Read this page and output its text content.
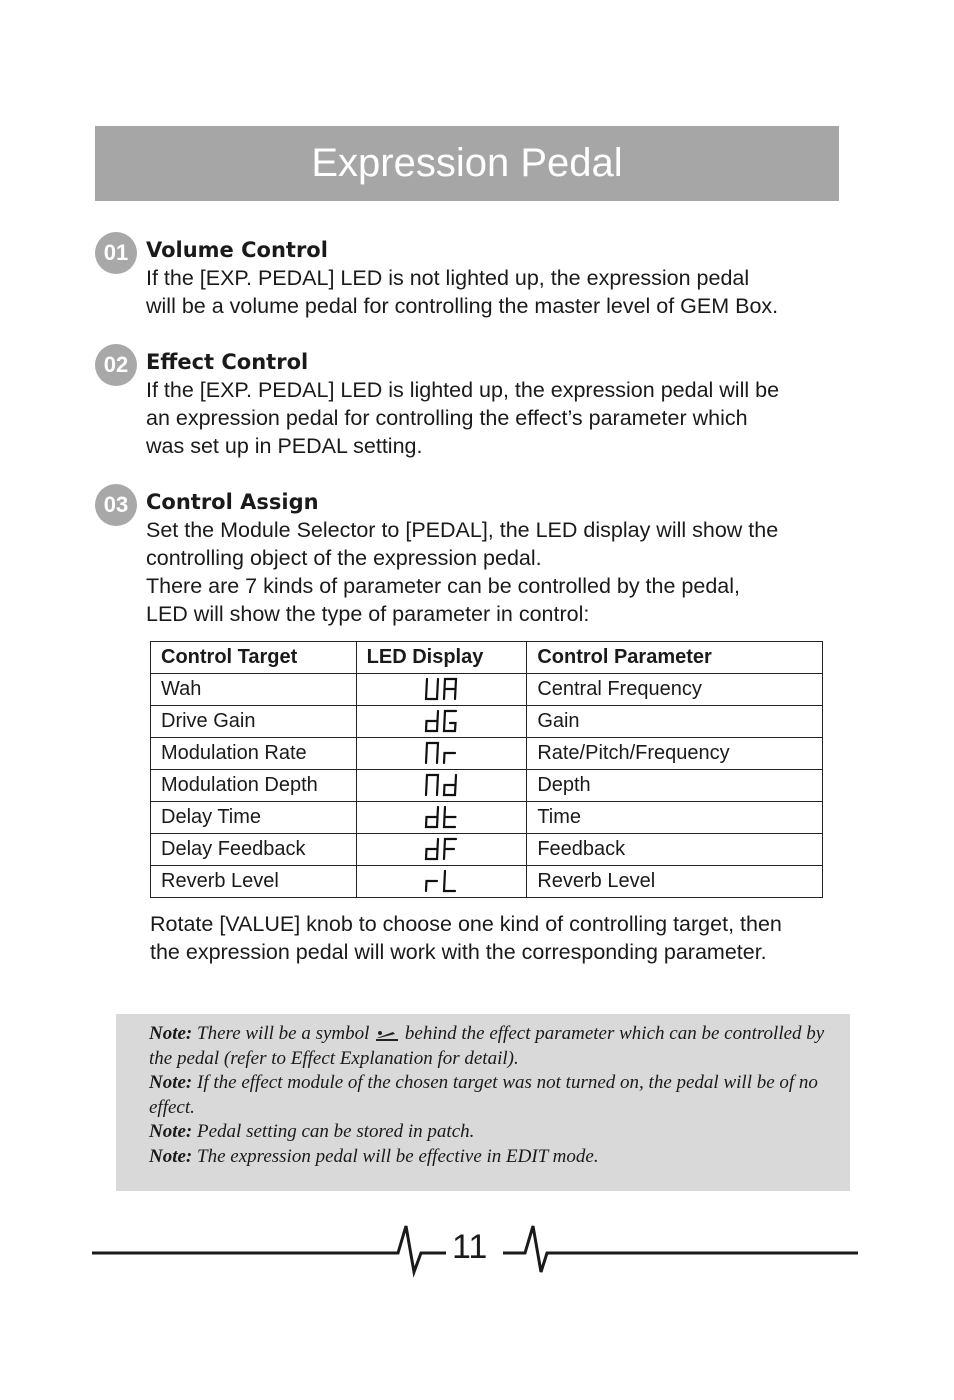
Expression Pedal
01 Volume Control

If the [EXP. PEDAL] LED is not lighted up, the expression pedal

will be a volume pedal for controlling the master level of GEM Box.

02 Effect Control

If the [EXP. PEDAL] LED is lighted up, the expression pedal will be

an expression pedal for controlling the effect’s parameter which

was set up in PEDAL setting.

03 Control Assign

Set the Module Selector to [PEDAL], the LED display will show the

controlling object of the expression pedal.

There are 7 kinds of parameter can be controlled by the pedal,

LED will show the type of parameter in control:

Control Target	LED Display	Control Parameter
Wah		Central Frequency
Drive Gain		Gain
Modulation Rate		Rate/Pitch/Frequency
Modulation Depth		Depth
Delay Time		Time
Delay Feedback		Feedback
Reverb Level		Reverb Level
Rotate [VALUE] knob to choose one kind of controlling target, then
the expression pedal will work with the corresponding parameter.

Note: There will be a symbol behind the effect parameter which can be controlled by the pedal (refer to Effect Explanation for detail).

Note: If the effect module of the chosen target was not turned on, the pedal will be of no effect.

Note: Pedal setting can be stored in patch.

Note: The expression pedal will be effective in EDIT mode.

11
